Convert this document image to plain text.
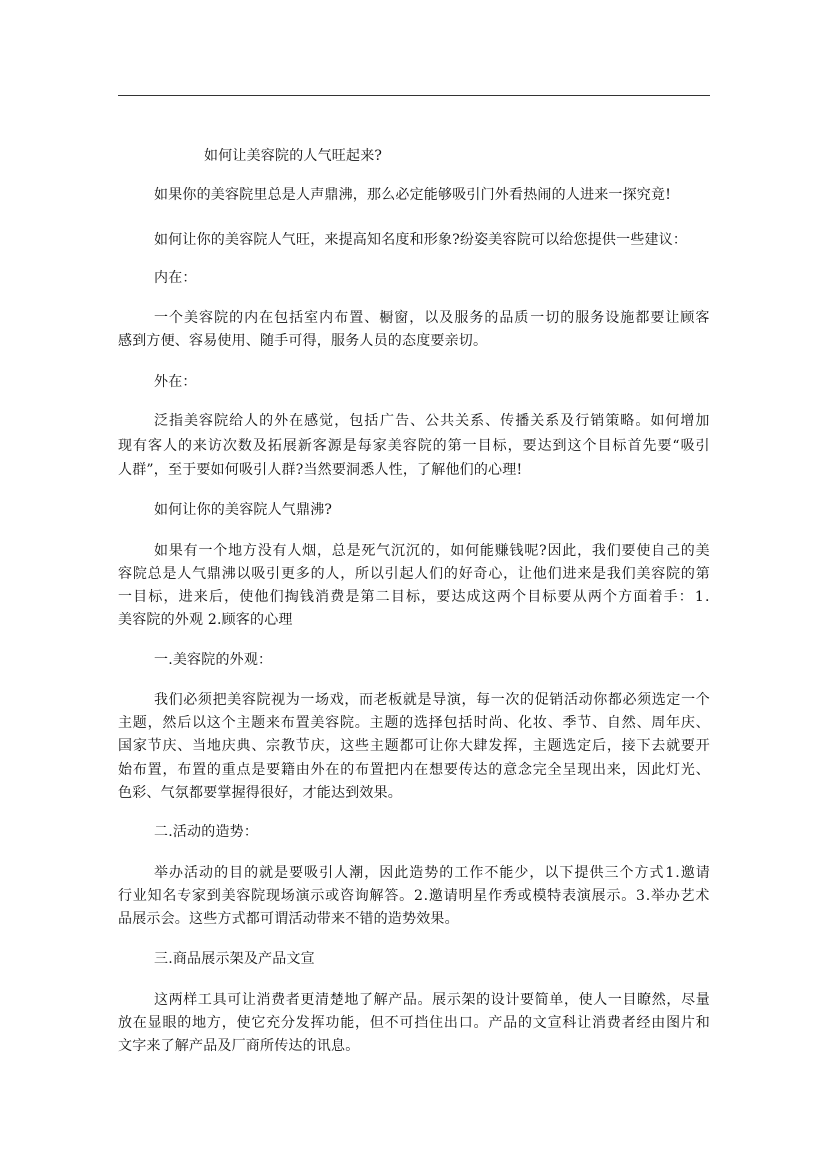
如何让美容院的人气旺起来?
如果你的美容院里总是人声鼎沸，那么必定能够吸引门外看热闹的人进来一探究竟!
如何让你的美容院人气旺，来提高知名度和形象?纷姿美容院可以给您提供一些建议：
内在：
一 个 美 容 院 的 内 在 包 括 室 内 布 置 、 橱 窗 ， 以 及 服 务 的 品 质 一 切 的 服 务 设 施 都 要 让 顾 客
感到方便、容易使用、随手可得，服务人员的态度要亲切。
外在：
泛 指 美 容 院 给 人 的 外 在 感 觉 ， 包 括 广 告 、 公 共 关 系 、 传 播 关 系 及 行 销 策 略 。 如 何 增 加
现 有 客 人 的 来 访 次 数 及 拓 展 新 客 源 是 每 家 美 容 院 的 第 一 目 标 ， 要 达 到 这 个 目 标 首 先 要 “ 吸 引
人群”，至于要如何吸引人群?当然要洞悉人性，了解他们的心理!
如何让你的美容院人气鼎沸?
如 果 有 一 个 地 方 没 有 人 烟 ， 总 是 死 气 沉 沉 的 ， 如 何 能 赚 钱 呢 ? 因 此 ， 我 们 要 使 自 己 的 美
容 院 总 是 人 气 鼎 沸 以 吸 引 更 多 的 人 ， 所 以 引 起 人 们 的 好 奇 心 ， 让 他 们 进 来 是 我 们 美 容 院 的 第
一 目 标 ， 进 来 后 ， 使 他 们 掏 钱 消 费 是 第 二 目 标 ， 要 达 成 这 两 个 目 标 要 从 两 个 方 面 着 手 ： 1 .
美容院的外观 2.顾客的心理
一.美容院的外观：
我 们 必 须 把 美 容 院 视 为 一 场 戏 ， 而 老 板 就 是 导 演 ， 每 一 次 的 促 销 活 动 你 都 必 须 选 定 一 个
主 题 ， 然 后 以 这 个 主 题 来 布 置 美 容 院 。 主 题 的 选 择 包 括 时 尚 、 化 妆 、 季 节 、 自 然 、 周 年 庆 、
国 家 节 庆 、 当 地 庆 典 、 宗 教 节 庆 ， 这 些 主 题 都 可 让 你 大 肆 发 挥 ， 主 题 选 定 后 ， 接 下 去 就 要 开
始 布 置 ， 布 置 的 重 点 是 要 籍 由 外 在 的 布 置 把 内 在 想 要 传 达 的 意 念 完 全 呈 现 出 来 ， 因 此 灯 光 、
色彩、气氛都要掌握得很好，才能达到效果。
二.活动的造势：
举 办 活 动 的 目 的 就 是 要 吸 引 人 潮 ， 因 此 造 势 的 工 作 不 能 少 ， 以 下 提 供 三 个 方 式 1 . 邀 请
行 业 知 名 专 家 到 美 容 院 现 场 演 示 或 咨 询 解 答 。 2 . 邀 请 明 星 作 秀 或 模 特 表 演 展 示 。 3 . 举 办 艺 术
品展示会。这些方式都可谓活动带来不错的造势效果。
三.商品展示架及产品文宣
这 两 样 工 具 可 让 消 费 者 更 清 楚 地 了 解 产 品 。 展 示 架 的 设 计 要 简 单 ， 使 人 一 目 瞭 然 ， 尽 量
放 在 显 眼 的 地 方 ， 使 它 充 分 发 挥 功 能 ， 但 不 可 挡 住 出 口 。 产 品 的 文 宣 科 让 消 费 者 经 由 图 片 和
文字来了解产品及厂商所传达的讯息。
